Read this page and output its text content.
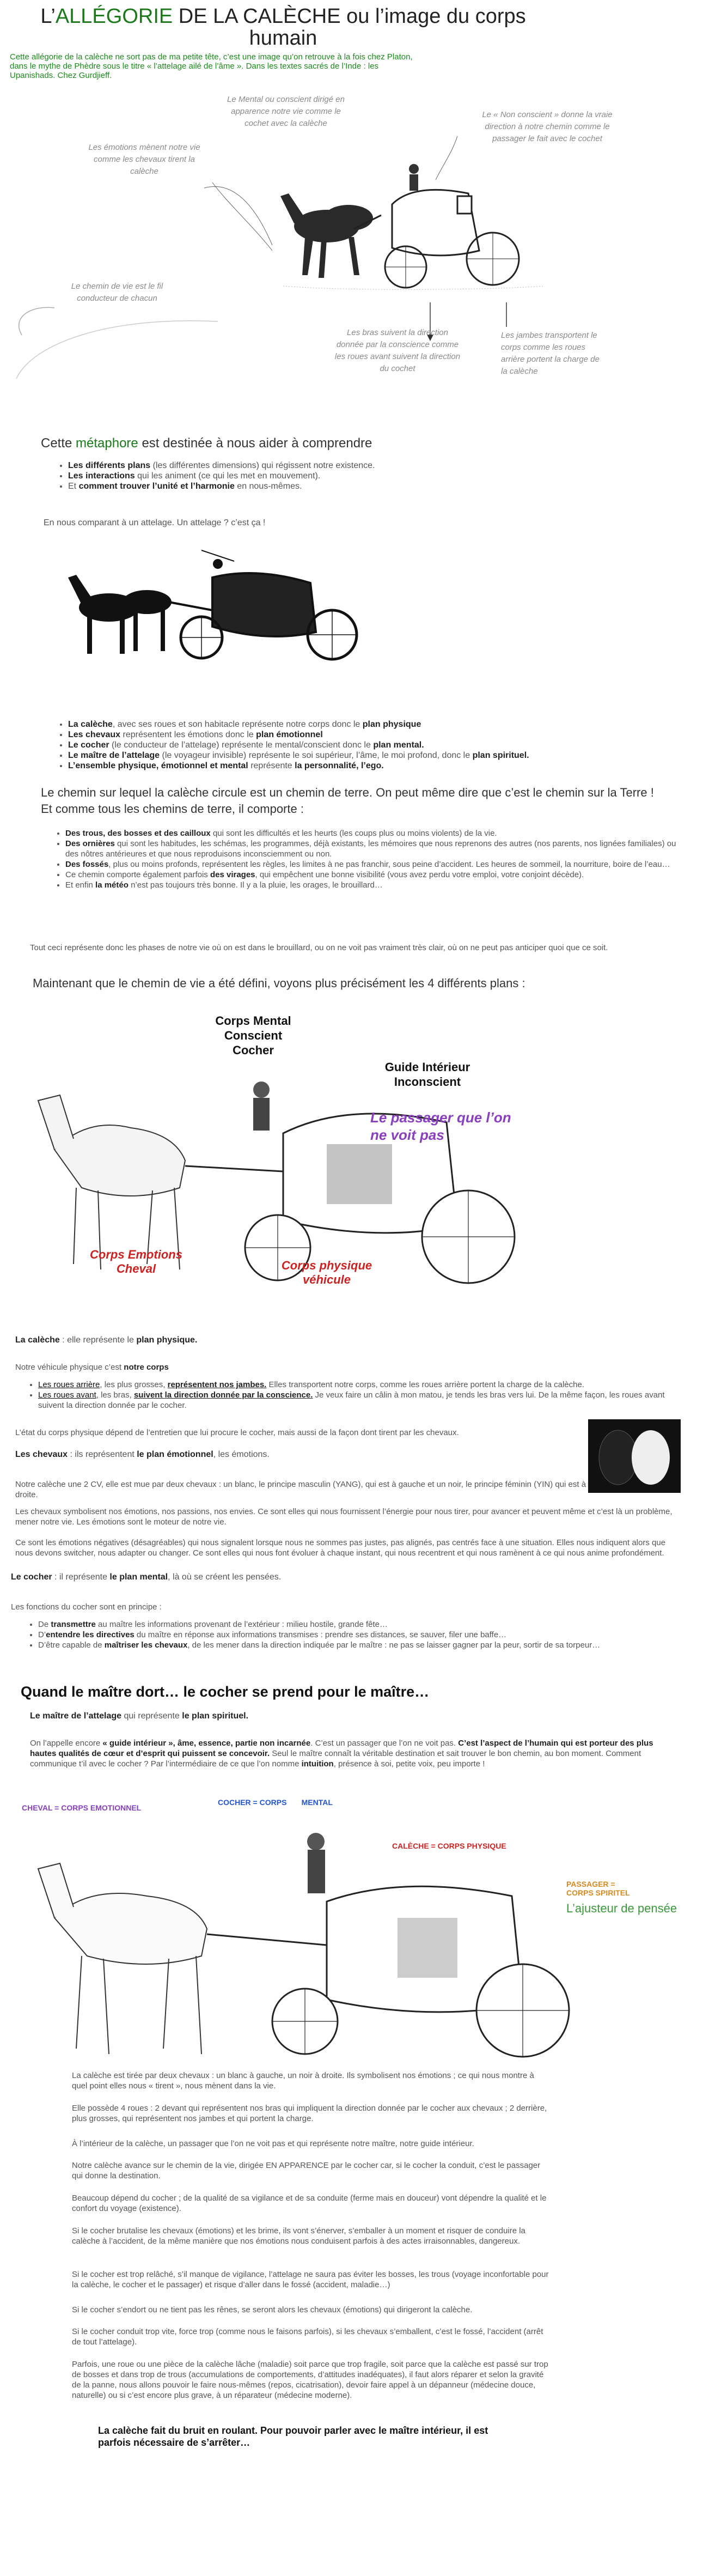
L’ALLÉGORIE DE LA CALÈCHE ou l’image du corps humain
Cette allégorie de la calèche ne sort pas de ma petite tête, c’est une image qu’on retrouve à la fois chez Platon, dans le mythe de Phèdre sous le titre « l’attelage ailé de l’âme ». Dans les textes sacrés de l’Inde : les Upanishads. Chez Gurdjieff.
Le Mental ou conscient dirigé en apparence notre vie comme le cochet avec la calèche
Le « Non conscient » donne la vraie direction à notre chemin comme le passager le fait avec le cochet
Les émotions mènent notre vie comme les chevaux tirent la calèche
Le chemin de vie est le fil conducteur de chacun
Les bras suivent la direction donnée par la conscience comme les roues avant suivent la direction du cochet
Les jambes transportent le corps comme les roues arrière portent la charge de la calèche
Cette métaphore est destinée à nous aider à comprendre
• Les différents plans (les différentes dimensions) qui régissent notre existence.
• Les interactions qui les animent (ce qui les met en mouvement).
• Et comment trouver l’unité et l’harmonie en nous-mêmes.
En nous comparant à un attelage. Un attelage ? c’est ça !
• La calèche, avec ses roues et son habitacle représente notre corps donc le plan physique
• Les chevaux représentent les émotions donc le plan émotionnel
• Le cocher (le conducteur de l’attelage) représente le mental/conscient donc le plan mental.
• Le maître de l’attelage (le voyageur invisible) représente le soi supérieur, l’âme, le moi profond, donc le plan spirituel.
• L’ensemble physique, émotionnel et mental représente la personnalité, l’ego.
Le chemin sur lequel la calèche circule est un chemin de terre. On peut même dire que c’est le chemin sur la Terre ! Et comme tous les chemins de terre, il comporte :
• Des trous, des bosses et des cailloux qui sont les difficultés et les heurts (les coups plus ou moins violents) de la vie.
• Des ornières qui sont les habitudes, les schémas, les programmes, déjà existants, les mémoires que nous reprenons des autres (nos parents, nos lignées familiales) ou des nôtres antérieures et que nous reproduisons inconsciemment ou non.
• Des fossés, plus ou moins profonds, représentent les règles, les limites à ne pas franchir, sous peine d’accident. Les heures de sommeil, la nourriture, boire de l’eau…
• Ce chemin comporte également parfois des virages, qui empêchent une bonne visibilité (vous avez perdu votre emploi, votre conjoint décède).
• Et enfin la météo n’est pas toujours très bonne. Il y a la pluie, les orages, le brouillard…
Tout ceci représente donc les phases de notre vie où on est dans le brouillard, ou on ne voit pas vraiment très clair, où on ne peut pas anticiper quoi que ce soit.
Maintenant que le chemin de vie a été défini, voyons plus précisément les 4 différents plans :
Corps Mental Conscient Cocher
Guide Intérieur Inconscient
Le passager que l’on ne voit pas
Corps Emotions Cheval	Corps physique véhicule
La calèche : elle représente le plan physique.
Notre véhicule physique c’est notre corps
• Les roues arrière, les plus grosses, représentent nos jambes. Elles transportent notre corps, comme les roues arrière portent la charge de la calèche.
• Les roues avant, les bras, suivent la direction donnée par la conscience. Je veux faire un câlin à mon matou, je tends les bras vers lui. De la même façon, les roues avant suivent la direction donnée par le cocher.
L’état du corps physique dépend de l’entretien que lui procure le cocher, mais aussi de la façon dont tirent par les chevaux.
Les chevaux : ils représentent le plan émotionnel, les émotions.
Notre calèche une 2 CV, elle est mue par deux chevaux : un blanc, le principe masculin (YANG), qui est à gauche et un noir, le principe féminin (YIN) qui est à droite.
Les chevaux symbolisent nos émotions, nos passions, nos envies. Ce sont elles qui nous fournissent l’énergie pour nous tirer, pour avancer et peuvent même et c’est là un problème, mener notre vie. Les émotions sont le moteur de notre vie.
Ce sont les émotions négatives (désagréables) qui nous signalent lorsque nous ne sommes pas justes, pas alignés, pas centrés face à une situation. Elles nous indiquent alors que nous devons switcher, nous adapter ou changer. Ce sont elles qui nous font évoluer à chaque instant, qui nous recentrent et qui nous ramènent à ce qui nous anime profondément.
Le cocher : il représente le plan mental, là où se créent les pensées.
Les fonctions du cocher sont en principe :
• De transmettre au maître les informations provenant de l’extérieur : milieu hostile, grande fête…
• D’entendre les directives du maître en réponse aux informations transmises : prendre ses distances, se sauver, filer une baffe…
• D’être capable de maîtriser les chevaux, de les mener dans la direction indiquée par le maître : ne pas se laisser gagner par la peur, sortir de sa torpeur…
Quand le maître dort… le cocher se prend pour le maître…
Le maître de l’attelage qui représente le plan spirituel.
On l’appelle encore « guide intérieur », âme, essence, partie non incarnée. C’est un passager que l’on ne voit pas. C’est l’aspect de l’humain qui est porteur des plus hautes qualités de cœur et d’esprit qui puissent se concevoir. Seul le maître connaît la véritable destination et sait trouver le bon chemin, au bon moment. Comment communique t’il avec le cocher ? Par l’intermédiaire de ce que l’on nomme intuition, présence à soi, petite voix, peu importe !
CHEVAL = CORPS EMOTIONNEL
COCHER = CORPS       MENTAL
CALÈCHE = CORPS PHYSIQUE
PASSAGER = CORPS SPIRITEL
L’ajusteur de pensée
La calèche est tirée par deux chevaux : un blanc à gauche, un noir à droite. Ils symbolisent nos émotions ; ce qui nous montre à quel point elles nous « tirent », nous mènent dans la vie.
Elle possède 4 roues : 2 devant qui représentent nos bras qui impliquent la direction donnée par le cocher aux chevaux ; 2 derrière, plus grosses, qui représentent nos jambes et qui portent la charge.
À l’intérieur de la calèche, un passager que l’on ne voit pas et qui représente notre maître, notre guide intérieur.
Notre calèche avance sur le chemin de la vie, dirigée EN APPARENCE par le cocher car, si le cocher la conduit, c’est le passager qui donne la destination.
Beaucoup dépend du cocher ; de la qualité de sa vigilance et de sa conduite (ferme mais en douceur) vont dépendre la qualité et le confort du voyage (existence).
Si le cocher brutalise les chevaux (émotions) et les brime, ils vont s’énerver, s’emballer à un moment et risquer de conduire la calèche à l’accident, de la même manière que nos émotions nous conduisent parfois à des actes irraisonnables, dangereux.
Si le cocher est trop relâché, s’il manque de vigilance, l’attelage ne saura pas éviter les bosses, les trous (voyage inconfortable pour la calèche, le cocher et le passager) et risque d’aller dans le fossé (accident, maladie…)
Si le cocher s’endort ou ne tient pas les rênes, se seront alors les chevaux (émotions) qui dirigeront la calèche.
Si le cocher conduit trop vite, force trop (comme nous le faisons parfois), si les chevaux s’emballent, c’est le fossé, l’accident (arrêt de tout l’attelage).
Parfois, une roue ou une pièce de la calèche lâche (maladie) soit parce que trop fragile, soit parce que la calèche est passé sur trop de bosses et dans trop de trous (accumulations de comportements, d’attitudes inadéquates), il faut alors réparer et selon la gravité de la panne, nous allons pouvoir le faire nous-mêmes (repos, cicatrisation), devoir faire appel à un dépanneur (médecine douce, naturelle) ou si c’est encore plus grave, à un réparateur (médecine moderne).
La calèche fait du bruit en roulant. Pour pouvoir parler avec le maître intérieur, il est parfois nécessaire de s’arrêter…
